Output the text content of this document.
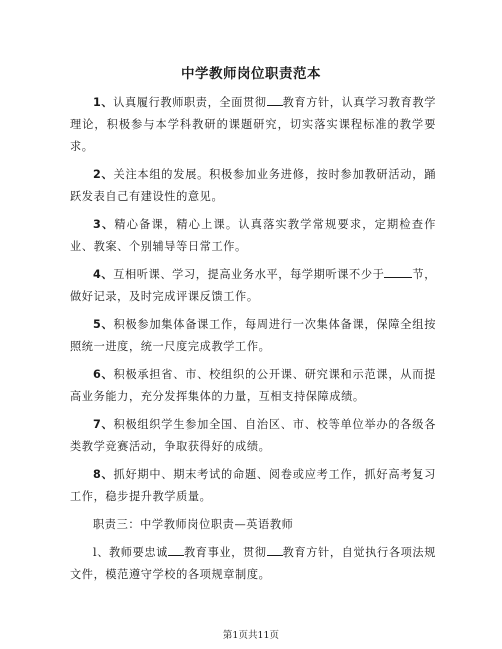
中学教师岗位职责范本

1、认真履行教师职责，全面贯彻 教育方针，认真学习教育教学理论，积极参与本学科教研的课题研究，切实落实课程标准的教学要求。

2、关注本组的发展。积极参加业务进修，按时参加教研活动，踊跃发表自己有建设性的意见。

3、精心备课，精心上课。认真落实教学常规要求，定期检查作业、教案、个别辅导等日常工作。

4、互相听课、学习，提高业务水平，每学期听课不少于	节，做好记录，及时完成评课反馈工作。

5、积极参加集体备课工作，每周进行一次集体备课，保障全组按照统一进度，统一尺度完成教学工作。

6、积极承担省、市、校组织的公开课、研究课和示范课，从而提高业务能力，充分发挥集体的力量，互相支持保障成绩。

7、积极组织学生参加全国、自治区、市、校等单位举办的各级各类教学竞赛活动，争取获得好的成绩。

8、抓好期中、期末考试的命题、阅卷或应考工作，抓好高考复习工作，稳步提升教学质量。

职责三：中学教师岗位职责—英语教师

l、教师要忠诚 教育事业，贯彻 教育方针，自觉执行各项法规文件，模范遵守学校的各项规章制度。

第1页共11页
